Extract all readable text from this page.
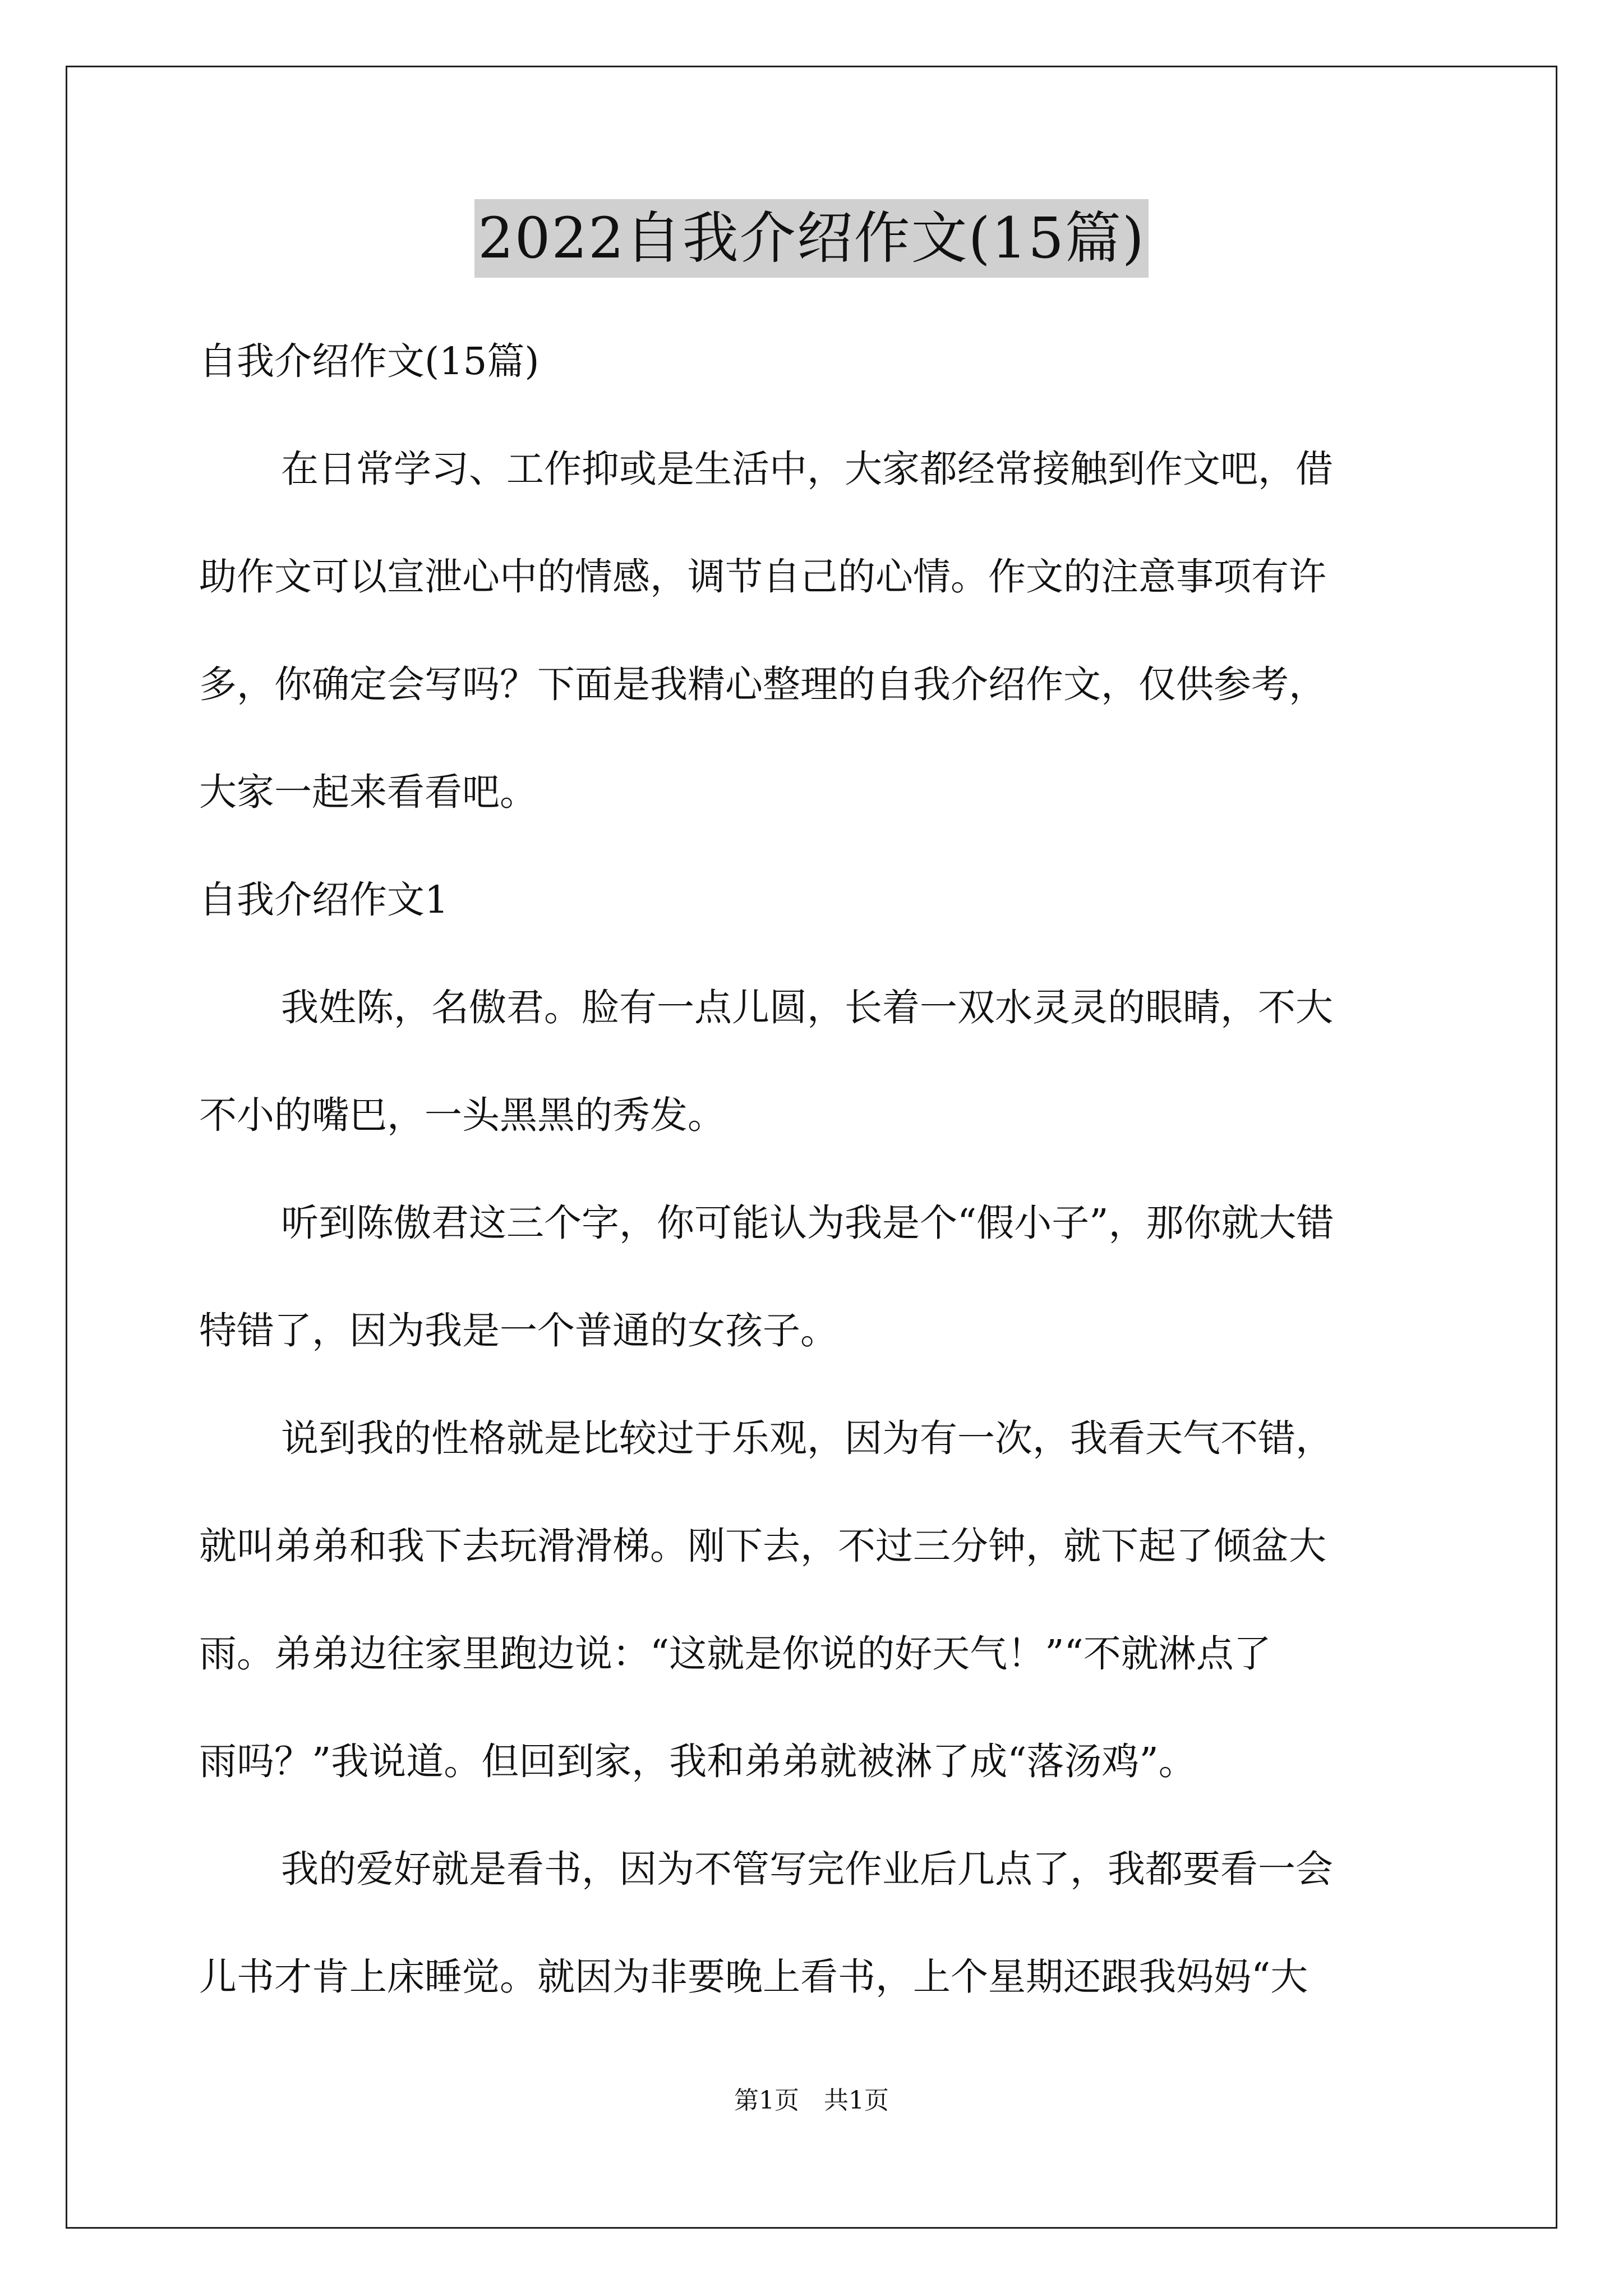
2022自我介绍作文(15篇)
自我介绍作文(15篇)
在日常学习、工作抑或是生活中，大家都经常接触到作文吧，借
助作文可以宣泄心中的情感，调节自己的心情。作文的注意事项有许
多，你确定会写吗？下面是我精心整理的自我介绍作文，仅供参考，
大家一起来看看吧。
自我介绍作文1
我姓陈，名傲君。脸有一点儿圆，长着一双水灵灵的眼睛，不大
不小的嘴巴，一头黑黑的秀发。
听到陈傲君这三个字，你可能认为我是个“假小子”，那你就大错
特错了，因为我是一个普通的女孩子。
说到我的性格就是比较过于乐观，因为有一次，我看天气不错，
就叫弟弟和我下去玩滑滑梯。刚下去，不过三分钟，就下起了倾盆大
雨。弟弟边往家里跑边说：“这就是你说的好天气！”“不就淋点了
雨吗？”我说道。但回到家，我和弟弟就被淋了成“落汤鸡”。
我的爱好就是看书，因为不管写完作业后几点了，我都要看一会
儿书才肯上床睡觉。就因为非要晚上看书，上个星期还跟我妈妈“大
第1页　共1页
